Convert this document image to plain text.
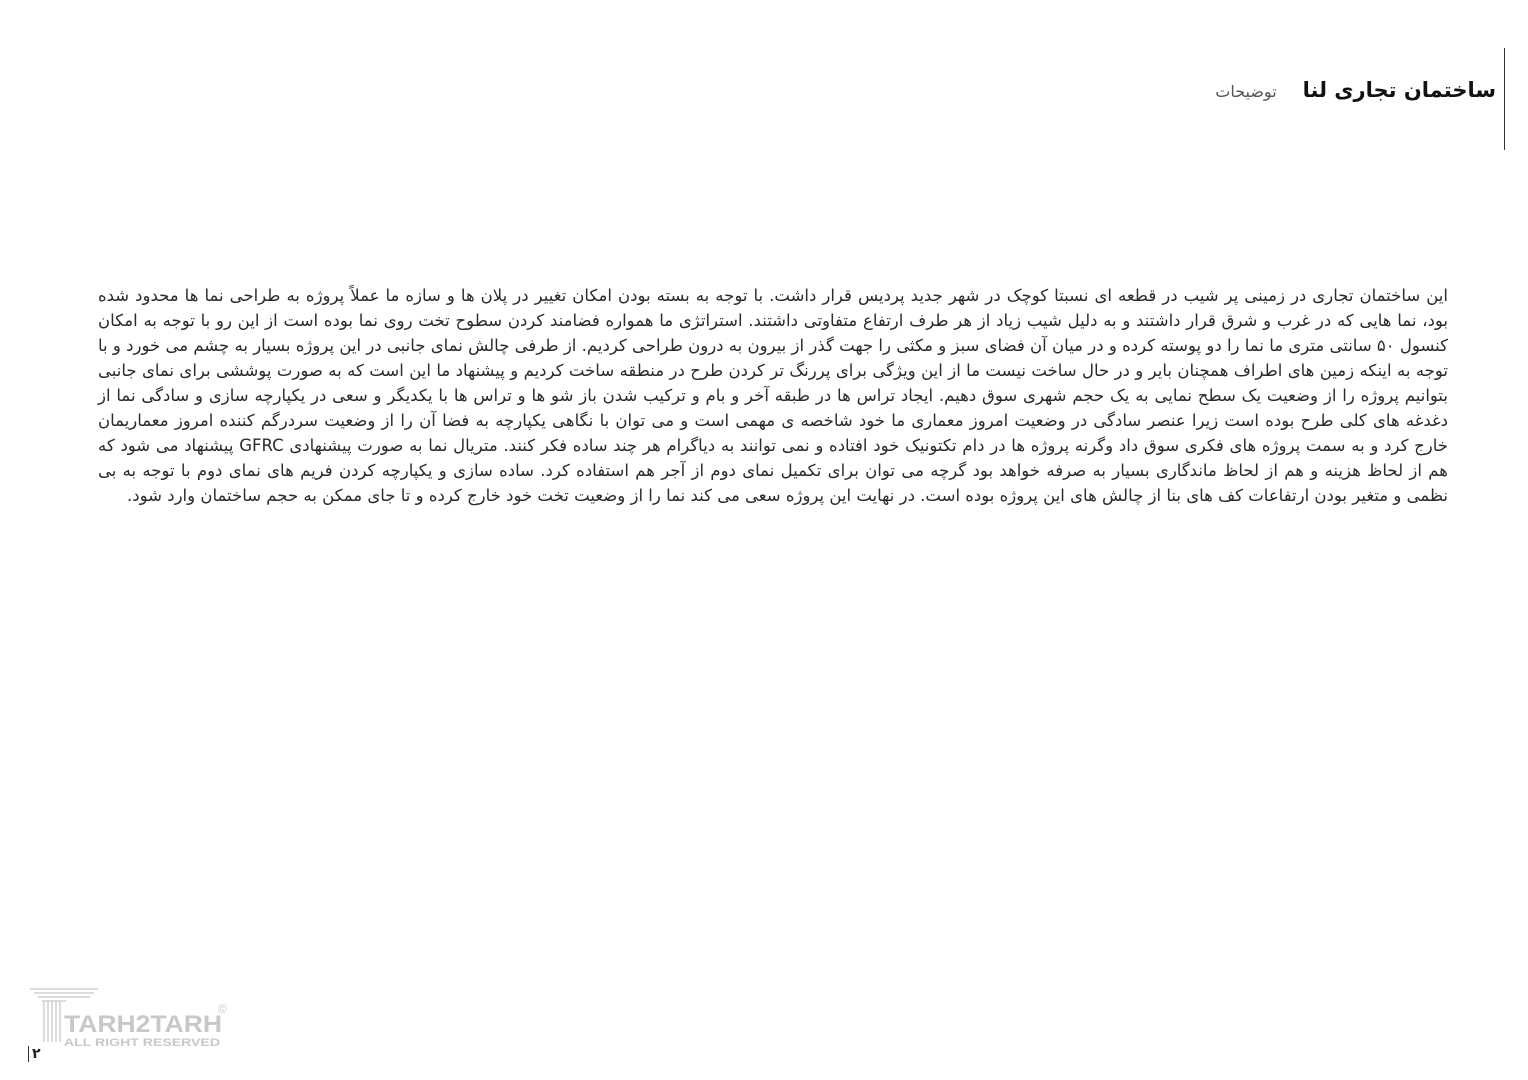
ساختمان تجاری لنا
توضیحات

این ساختمان تجاری در زمینی پر شیب در قطعه ای نسبتا کوچک در شهر جدید پردیس قرار داشت. با توجه به بسته بودن امکان تغییر در پلان ها و سازه ما عملاً پروژه به طراحی نما ها محدود شده بود، نما هایی که در غرب و شرق قرار داشتند و به دلیل شیب زیاد از هر طرف ارتفاع متفاوتی داشتند. استراتژی ما همواره فضامند کردن سطوح تخت روی نما بوده است از این رو با توجه به امکان کنسول ۵۰ سانتی متری ما نما را دو پوسته کرده و در میان آن فضای سبز و مکثی را جهت گذر از بیرون به درون طراحی کردیم. از طرفی چالش نمای جانبی در این پروژه بسیار به چشم می خورد و با توجه به اینکه زمین های اطراف همچنان بایر و در حال ساخت نیست ما از این ویژگی برای پررنگ تر کردن طرح در منطقه ساخت کردیم و پیشنهاد ما این است که به صورت پوششی برای نمای جانبی بتوانیم پروژه را از وضعیت یک سطح نمایی به یک حجم شهری سوق دهیم. ایجاد تراس ها در طبقه آخر و بام و ترکیب شدن باز شو ها و تراس ها با یکدیگر و سعی در یکپارچه سازی و سادگی نما از دغدغه های کلی طرح بوده است زیرا عنصر سادگی در وضعیت امروز معماری ما خود شاخصه ی مهمی است و می توان با نگاهی یکپارچه به فضا آن را از وضعیت سردرگم کننده امروز معماریمان خارج کرد و به سمت پروژه های فکری سوق داد وگرنه پروژه ها در دام تکتونیک خود افتاده و نمی توانند به دیاگرام هر چند ساده فکر کنند. متریال نما به صورت پیشنهادی GFRC پیشنهاد می شود که هم از لحاظ هزینه و هم از لحاظ ماندگاری بسیار به صرفه خواهد بود گرچه می توان برای تکمیل نمای دوم از آجر هم استفاده کرد. ساده سازی و یکپارچه کردن فریم های نمای دوم با توجه به بی نظمی و متغیر بودن ارتفاعات کف های بنا از چالش های این پروژه بوده است. در نهایت این پروژه سعی می کند نما را از وضعیت تخت خود خارج کرده و تا جای ممکن به حجم ساختمان وارد شود.

TARH2TARH
ALL RIGHT RESERVED
©
۲
